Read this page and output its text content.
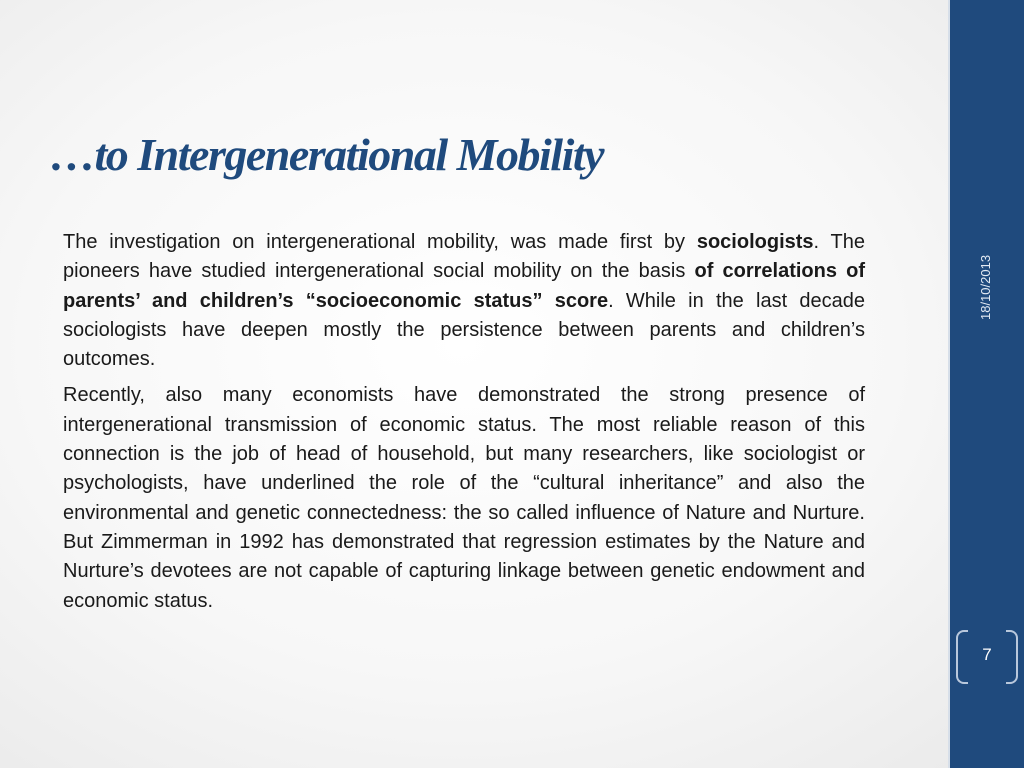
18/10/2013
7
…to Intergenerational Mobility

The investigation on intergenerational mobility, was made first by sociologists. The pioneers have studied intergenerational social mobility on the basis of correlations of parents’ and children’s “socioeconomic status” score. While in the last decade sociologists have deepen mostly the persistence between parents and children’s outcomes.

Recently, also many economists have demonstrated the strong presence of intergenerational transmission of economic status. The most reliable reason of this connection is the job of head of household, but many researchers, like sociologist or psychologists, have underlined the role of the “cultural inheritance” and also the environmental and genetic connectedness: the so called influence of Nature and Nurture. But Zimmerman in 1992 has demonstrated that regression estimates by the Nature and Nurture’s devotees are not capable of capturing linkage between genetic endowment and economic status.
